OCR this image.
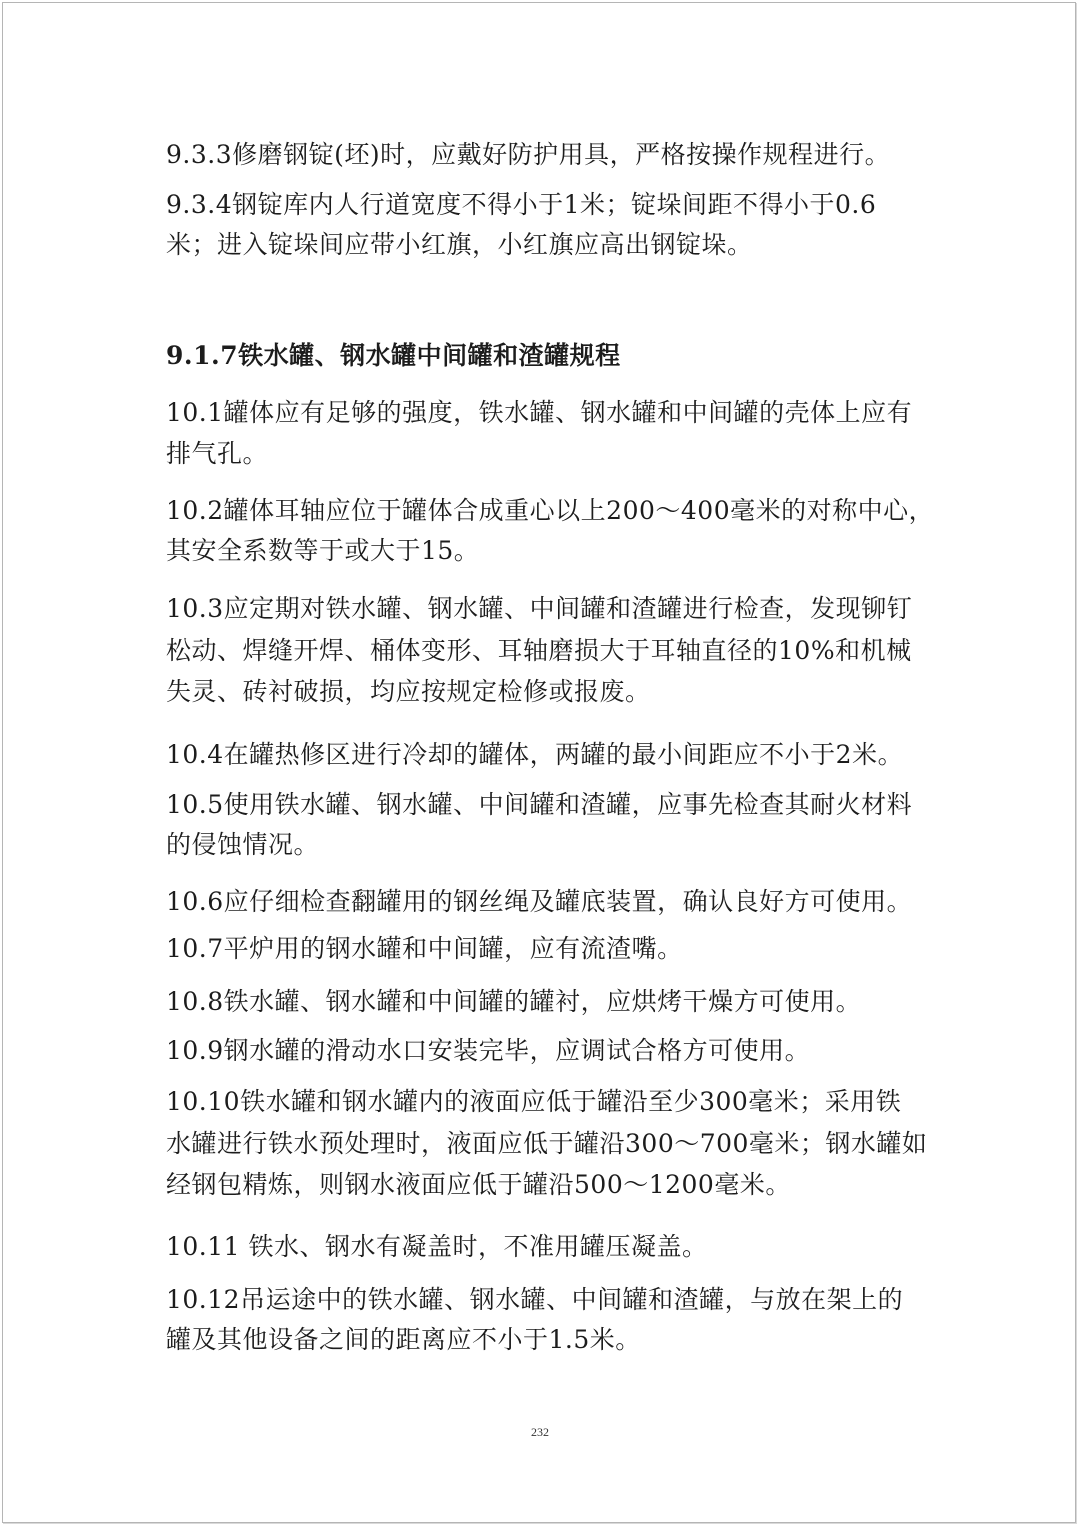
9.3.3修磨钢锭(坯)时，应戴好防护用具，严格按操作规程进行。
9.3.4钢锭库内人行道宽度不得小于1米；锭垛间距不得小于0.6
米；进入锭垛间应带小红旗，小红旗应高出钢锭垛。
9.1.7铁水罐、钢水罐中间罐和渣罐规程
10.1罐体应有足够的强度，铁水罐、钢水罐和中间罐的壳体上应有
排气孔。
10.2罐体耳轴应位于罐体合成重心以上200～400毫米的对称中心，
其安全系数等于或大于15。
10.3应定期对铁水罐、钢水罐、中间罐和渣罐进行检查，发现铆钉
松动、焊缝开焊、桶体变形、耳轴磨损大于耳轴直径的10%和机械
失灵、砖衬破损，均应按规定检修或报废。
10.4在罐热修区进行冷却的罐体，两罐的最小间距应不小于2米。
10.5使用铁水罐、钢水罐、中间罐和渣罐，应事先检查其耐火材料
的侵蚀情况。
10.6应仔细检查翻罐用的钢丝绳及罐底装置，确认良好方可使用。
10.7平炉用的钢水罐和中间罐，应有流渣嘴。
10.8铁水罐、钢水罐和中间罐的罐衬，应烘烤干燥方可使用。
10.9钢水罐的滑动水口安装完毕，应调试合格方可使用。
10.10铁水罐和钢水罐内的液面应低于罐沿至少300毫米；采用铁
水罐进行铁水预处理时，液面应低于罐沿300～700毫米；钢水罐如
经钢包精炼，则钢水液面应低于罐沿500～1200毫米。
10.11 铁水、钢水有凝盖时，不准用罐压凝盖。
10.12吊运途中的铁水罐、钢水罐、中间罐和渣罐，与放在架上的
罐及其他设备之间的距离应不小于1.5米。
232
